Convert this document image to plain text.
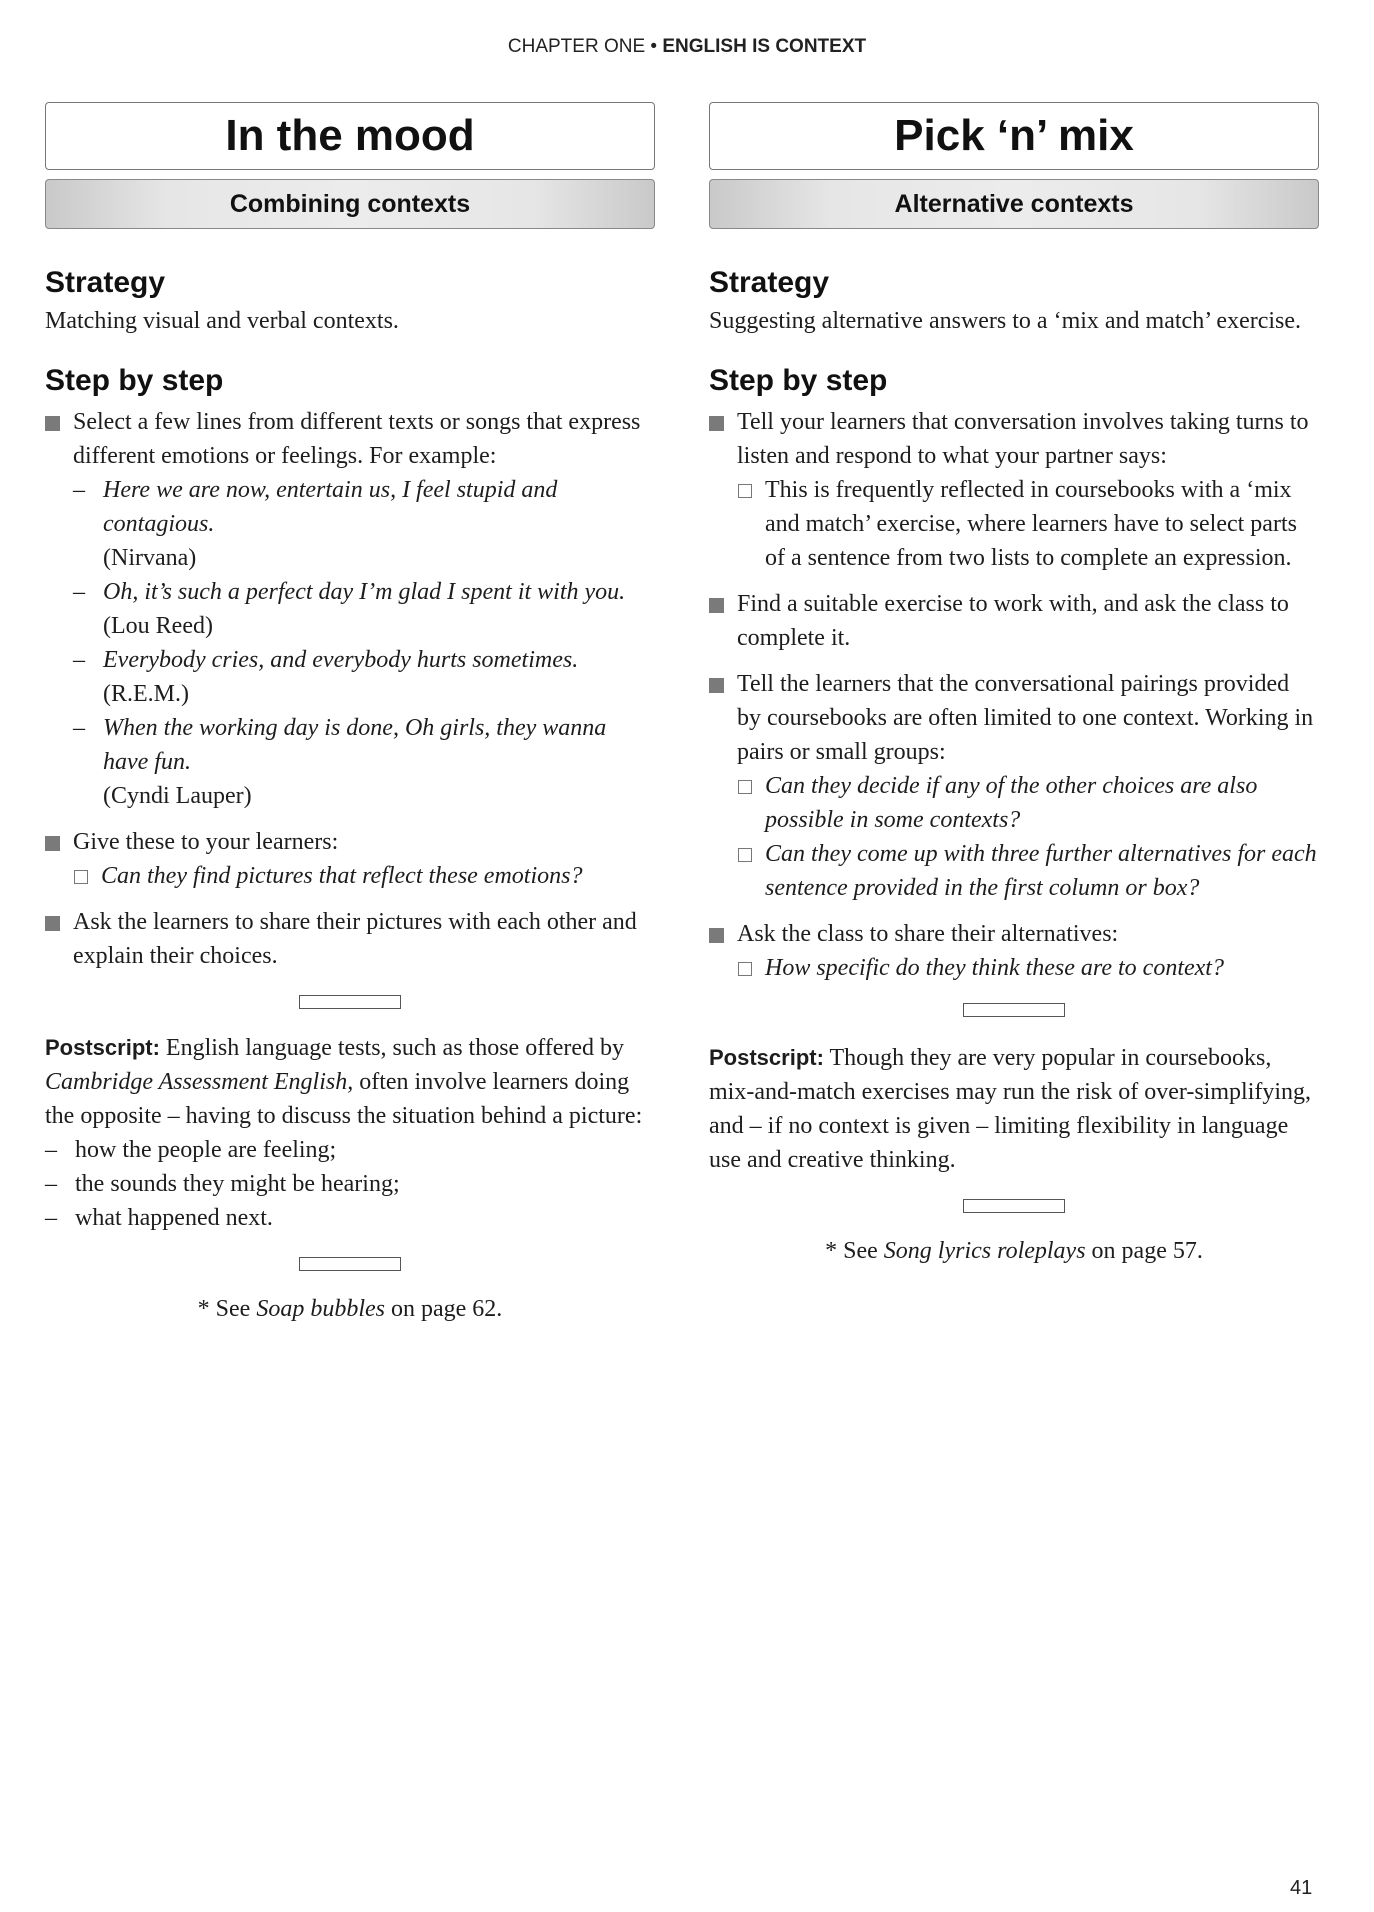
CHAPTER ONE • ENGLISH IS CONTEXT
In the mood
Combining contexts
Strategy

Matching visual and verbal contexts.

Step by step
Select a few lines from different texts or songs that express different emotions or feelings. For example:
– Here we are now, entertain us, I feel stupid and contagious.
(Nirvana)
– Oh, it’s such a perfect day I’m glad I spent it with you.
(Lou Reed)
– Everybody cries, and everybody hurts sometimes.
(R.E.M.)
– When the working day is done, Oh girls, they wanna have fun.
(Cyndi Lauper)
Give these to your learners:
Can they find pictures that reflect these emotions?
Ask the learners to share their pictures with each other and explain their choices.

Postscript: English language tests, such as those offered by Cambridge Assessment English, often involve learners doing the opposite – having to discuss the situation behind a picture:

– how the people are feeling;
– the sounds they might be hearing;
– what happened next.

* See Soap bubbles on page 62.

Pick ‘n’ mix
Alternative contexts
Strategy

Suggesting alternative answers to a ‘mix and match’ exercise.

Step by step
Tell your learners that conversation involves taking turns to listen and respond to what your partner says:
This is frequently reflected in coursebooks with a ‘mix and match’ exercise, where learners have to select parts of a sentence from two lists to complete an expression.
Find a suitable exercise to work with, and ask the class to complete it.
Tell the learners that the conversational pairings provided by coursebooks are often limited to one context. Working in pairs or small groups:
Can they decide if any of the other choices are also possible in some contexts?
Can they come up with three further alternatives for each sentence provided in the first column or box?
Ask the class to share their alternatives:
How specific do they think these are to context?

Postscript: Though they are very popular in coursebooks, mix-and-match exercises may run the risk of over-simplifying, and – if no context is given – limiting flexibility in language use and creative thinking.

* See Song lyrics roleplays on page 57.

41
